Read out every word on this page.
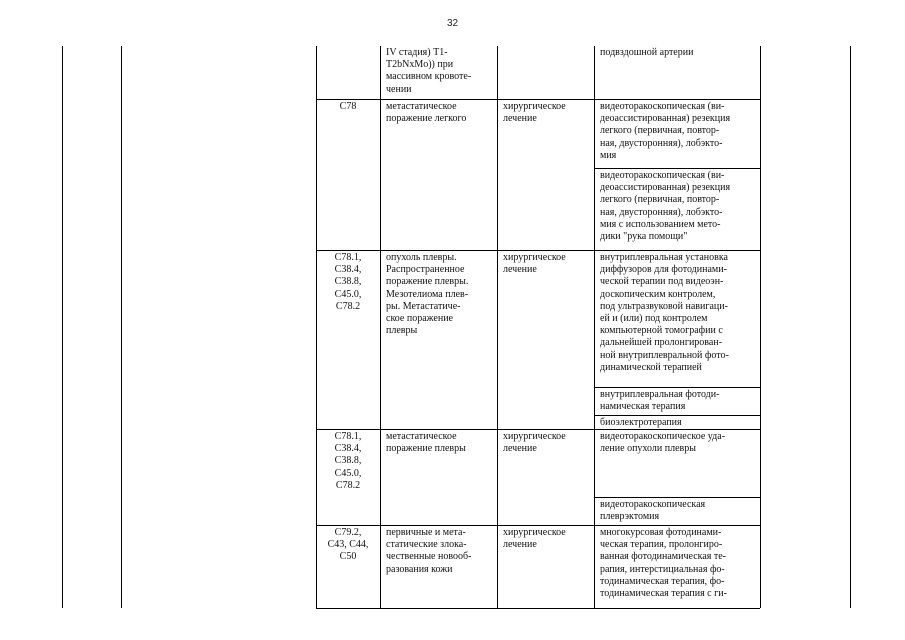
32
IV стадия) T1-
T2bNxMo)) при
массивном кровоте-
чении
подвздошной артерии
C78	метастатическое
поражение легкого
хирургическое
лечение
видеоторакоскопическая (ви-
деоассистированная) резекция
легкого (первичная, повтор-
ная, двусторонняя), лобэкто-
мия
видеоторакоскопическая (ви-
деоассистированная) резекция
легкого (первичная, повтор-
ная, двусторонняя), лобэкто-
мия с использованием мето-
дики "рука помощи"
C78.1,
C38.4,
C38.8,
C45.0,
C78.2
опухоль плевры.
Распространенное
поражение плевры.
Мезотелиома плев-
ры. Метастатиче-
ское поражение
плевры
хирургическое
лечение
внутриплевральная установка
диффузоров для фотодинами-
ческой терапии под видеоэн-
доскопическим контролем,
под ультразвуковой навигаци-
ей и (или) под контролем
компьютерной томографии с
дальнейшей пролонгирован-
ной внутриплевральной фото-
динамической терапией
внутриплевральная фотоди-
намическая терапия
биоэлектротерапия
C78.1,
C38.4,
C38.8,
C45.0,
C78.2
метастатическое
поражение плевры
хирургическое
лечение
видеоторакоскопическое уда-
ление опухоли плевры
видеоторакоскопическая
плеврэктомия
C79.2,
C43, C44,
C50
первичные и мета-
статические злока-
чественные новооб-
разования кожи
хирургическое
лечение
многокурсовая фотодинами-
ческая терапия, пролонгиро-
ванная фотодинамическая те-
рапия, интерстициальная фо-
тодинамическая терапия, фо-
тодинамическая терапия с ги-
